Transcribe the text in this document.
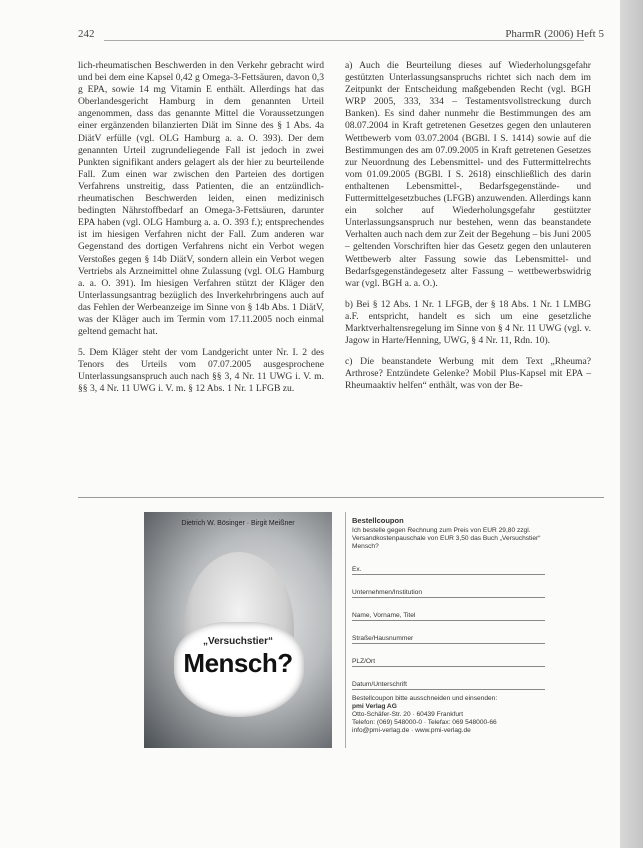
242	PharmR (2006) Heft 5

lich-rheumatischen Beschwerden in den Verkehr gebracht wird und bei dem eine Kapsel 0,42 g Omega-3-Fettsäuren, davon 0,3 g EPA, sowie 14 mg Vitamin E enthält. Allerdings hat das Oberlandesgericht Hamburg in dem genannten Urteil angenommen, dass das genannte Mittel die Voraussetzungen einer ergänzenden bilanzierten Diät im Sinne des § 1 Abs. 4a DiätV erfülle (vgl. OLG Hamburg a. a. O. 393). Der dem genannten Urteil zugrundeliegende Fall ist jedoch in zwei Punkten signifikant anders gelagert als der hier zu beurteilende Fall. Zum einen war zwischen den Parteien des dortigen Verfahrens unstreitig, dass Patienten, die an entzündlich-rheumatischen Beschwerden leiden, einen medizinisch bedingten Nährstoffbedarf an Omega-3-Fettsäuren, darunter EPA haben (vgl. OLG Hamburg a. a. O. 393 f.); entsprechendes ist im hiesigen Verfahren nicht der Fall. Zum anderen war Gegenstand des dortigen Verfahrens nicht ein Verbot wegen Verstoßes gegen § 14b DiätV, sondern allein ein Verbot wegen Vertriebs als Arzneimittel ohne Zulassung (vgl. OLG Hamburg a. a. O. 391). Im hiesigen Verfahren stützt der Kläger den Unterlassungsantrag bezüglich des Inverkehrbringens auch auf das Fehlen der Werbeanzeige im Sinne von § 14b Abs. 1 DiätV, was der Kläger auch im Termin vom 17.11.2005 noch einmal geltend gemacht hat.

5. Dem Kläger steht der vom Landgericht unter Nr. I. 2 des Tenors des Urteils vom 07.07.2005 ausgesprochene Unterlassungsanspruch auch nach §§ 3, 4 Nr. 11 UWG i. V. m. §§ 3, 4 Nr. 11 UWG i. V. m. § 12 Abs. 1 Nr. 1 LFGB zu.

a) Auch die Beurteilung dieses auf Wiederholungsgefahr gestützten Unterlassungsanspruchs richtet sich nach dem im Zeitpunkt der Entscheidung maßgebenden Recht (vgl. BGH WRP 2005, 333, 334 – Testamentsvollstreckung durch Banken). Es sind daher nunmehr die Bestimmungen des am 08.07.2004 in Kraft getretenen Gesetzes gegen den unlauteren Wettbewerb vom 03.07.2004 (BGBl. I S. 1414) sowie auf die Bestimmungen des am 07.09.2005 in Kraft getretenen Gesetzes zur Neuordnung des Lebensmittel- und des Futtermittelrechts vom 01.09.2005 (BGBl. I S. 2618) einschließlich des darin enthaltenen Lebensmittel-, Bedarfsgegenstände- und Futtermittelgesetzbuches (LFGB) anzuwenden. Allerdings kann ein solcher auf Wiederholungsgefahr gestützter Unterlassungsanspruch nur bestehen, wenn das beanstandete Verhalten auch nach dem zur Zeit der Begehung – bis Juni 2005 – geltenden Vorschriften hier das Gesetz gegen den unlauteren Wettbewerb alter Fassung sowie das Lebensmittel- und Bedarfsgegenständegesetz alter Fassung – wettbewerbswidrig war (vgl. BGH a. a. O.).

b) Bei § 12 Abs. 1 Nr. 1 LFGB, der § 18 Abs. 1 Nr. 1 LMBG a.F. entspricht, handelt es sich um eine gesetzliche Marktverhaltensregelung im Sinne von § 4 Nr. 11 UWG (vgl. v. Jagow in Harte/Henning, UWG, § 4 Nr. 11, Rdn. 10).

c) Die beanstandete Werbung mit dem Text „Rheuma? Arthrose? Entzündete Gelenke? Mobil Plus-Kapsel mit EPA – Rheumaaktiv helfen“ enthält, was von der Be-

Dietrich W. Bösinger · Birgit Meißner
„Versuchstier“
Mensch?
Bestellcoupon
Ich bestelle gegen Rechnung zum Preis von EUR 29,80 zzgl. Versandkostenpauschale von EUR 3,50 das Buch „Versuchstier“ Mensch?
Ex.
Unternehmen/Institution
Name, Vorname, Titel
Straße/Hausnummer
PLZ/Ort
Datum/Unterschrift
Bestellcoupon bitte ausschneiden und einsenden:
pmi Verlag AG
Otto-Schäfer-Str. 20 · 60439 Frankfurt
Telefon: (069) 548000-0 · Telefax: 069 548000-66
info@pmi-verlag.de · www.pmi-verlag.de
